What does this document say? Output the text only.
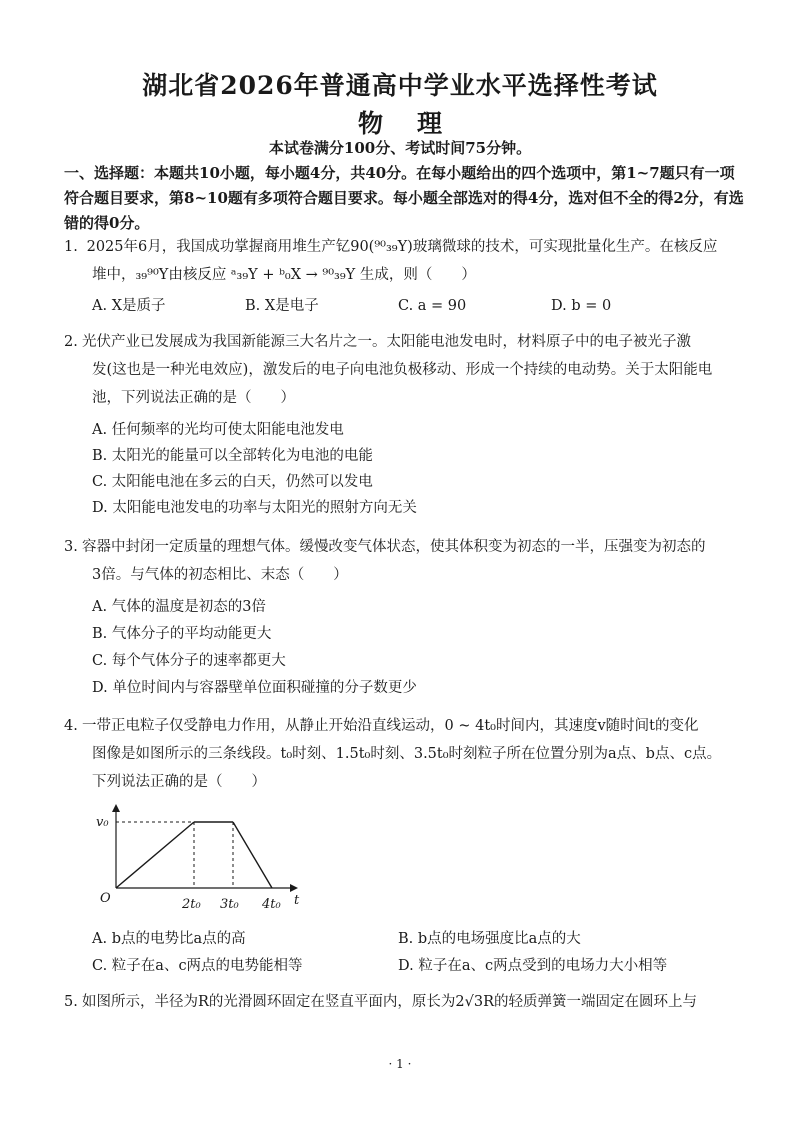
湖北省2026年普通高中学业水平选择性考试
物理
本试卷满分100分、考试时间75分钟。
一、选择题：本题共10小题，每小题4分，共40分。在每小题给出的四个选项中，第1~7题只有一项符合题目要求，第8~10题有多项符合题目要求。每小题全部选对的得4分，选对但不全的得2分，有选错的得0分。
1. 2025年6月，我国成功掌握商用堆生产钇90(⁹⁰₃₉Y)玻璃微球的技术，可实现批量化生产。在核反应
堆中，₃₉⁹⁰Y由核反应 ᵃ₃₉Y + ᵇ₀X → ⁹⁰₃₉Y 生成，则（　　）
A. X是质子	B. X是电子	C. a = 90	D. b = 0
2. 光伏产业已发展成为我国新能源三大名片之一。太阳能电池发电时，材料原子中的电子被光子激
发(这也是一种光电效应)，激发后的电子向电池负极移动、形成一个持续的电动势。关于太阳能电
池，下列说法正确的是（　　）
A. 任何频率的光均可使太阳能电池发电
B. 太阳光的能量可以全部转化为电池的电能
C. 太阳能电池在多云的白天，仍然可以发电
D. 太阳能电池发电的功率与太阳光的照射方向无关
3. 容器中封闭一定质量的理想气体。缓慢改变气体状态，使其体积变为初态的一半，压强变为初态的
3倍。与气体的初态相比、末态（　　）
A. 气体的温度是初态的3倍
B. 气体分子的平均动能更大
C. 每个气体分子的速率都更大
D. 单位时间内与容器壁单位面积碰撞的分子数更少
4. 一带正电粒子仅受静电力作用，从静止开始沿直线运动，0 ~ 4t₀时间内，其速度v随时间t的变化
图像是如图所示的三条线段。t₀时刻、1.5t₀时刻、3.5t₀时刻粒子所在位置分别为a点、b点、c点。
下列说法正确的是（　　）
v₀
O	t
2t₀ 3t₀ 4t₀
A. b点的电势比a点的高	B. b点的电场强度比a点的大
C. 粒子在a、c两点的电势能相等	D. 粒子在a、c两点受到的电场力大小相等
5. 如图所示，半径为R的光滑圆环固定在竖直平面内，原长为2√3R的轻质弹簧一端固定在圆环上与
· 1 ·
